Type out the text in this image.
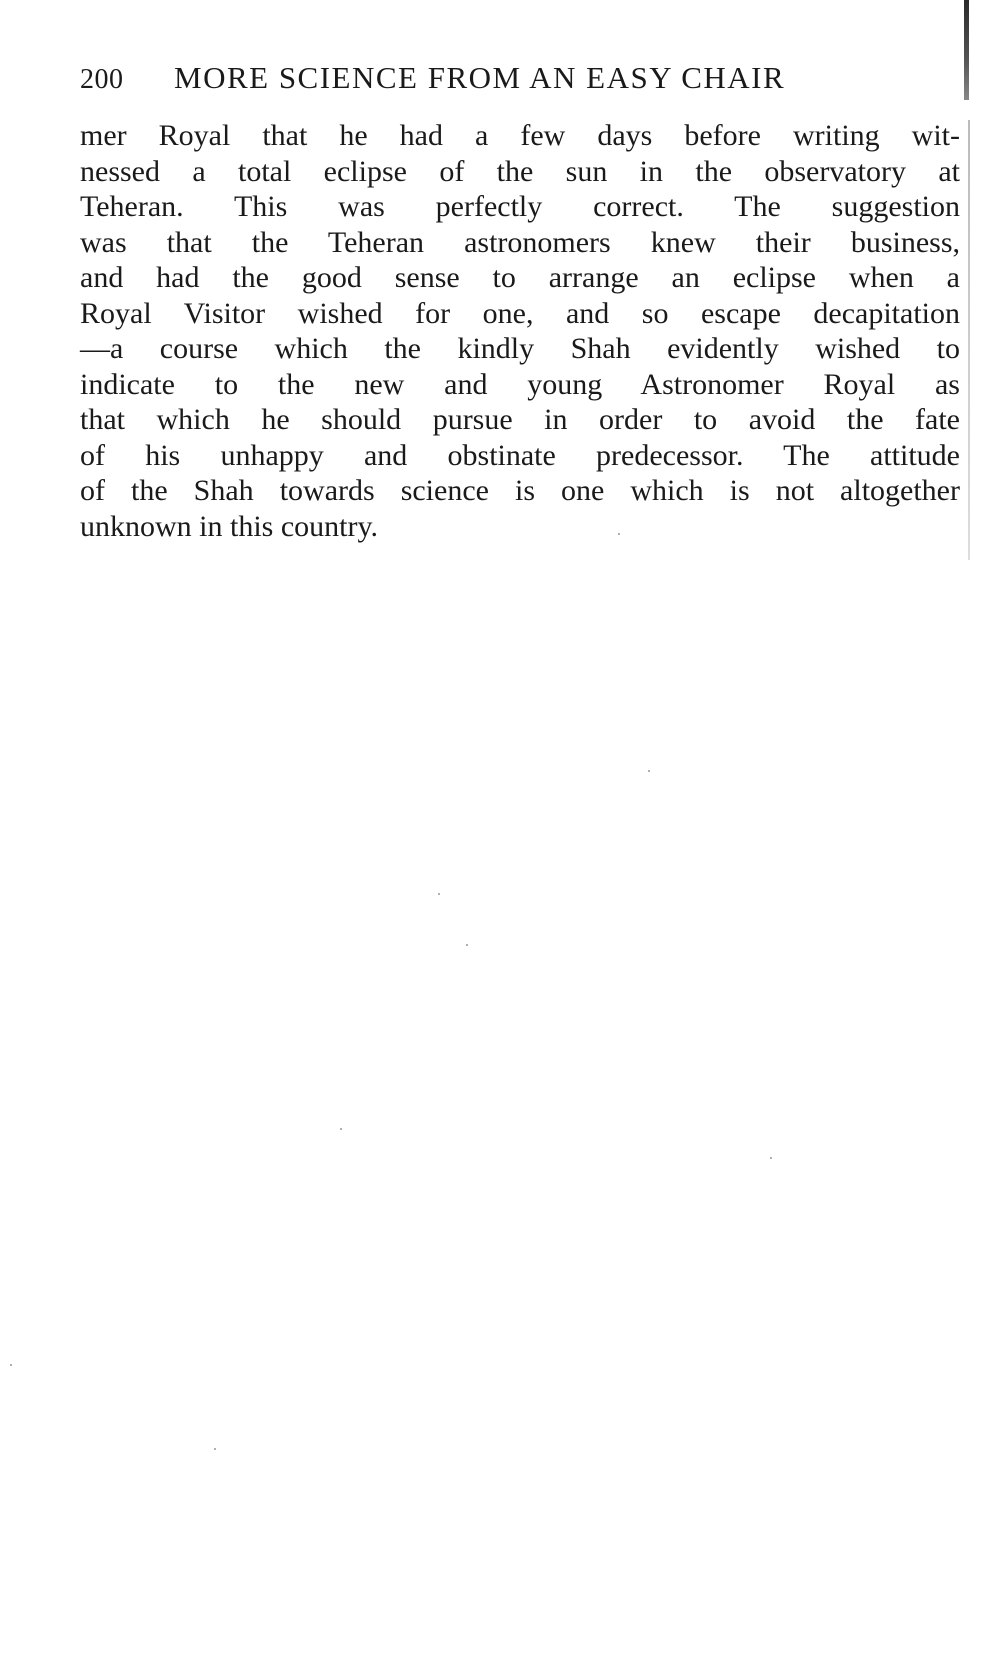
200 MORE SCIENCE FROM AN EASY CHAIR
mer Royal that he had a few days before writing wit-
nessed a total eclipse of the sun in the observatory at
Teheran. This was perfectly correct. The suggestion
was that the Teheran astronomers knew their business,
and had the good sense to arrange an eclipse when a
Royal Visitor wished for one, and so escape decapitation
—a course which the kindly Shah evidently wished to
indicate to the new and young Astronomer Royal as
that which he should pursue in order to avoid the fate
of his unhappy and obstinate predecessor. The attitude
of the Shah towards science is one which is not altogether
unknown in this country.
